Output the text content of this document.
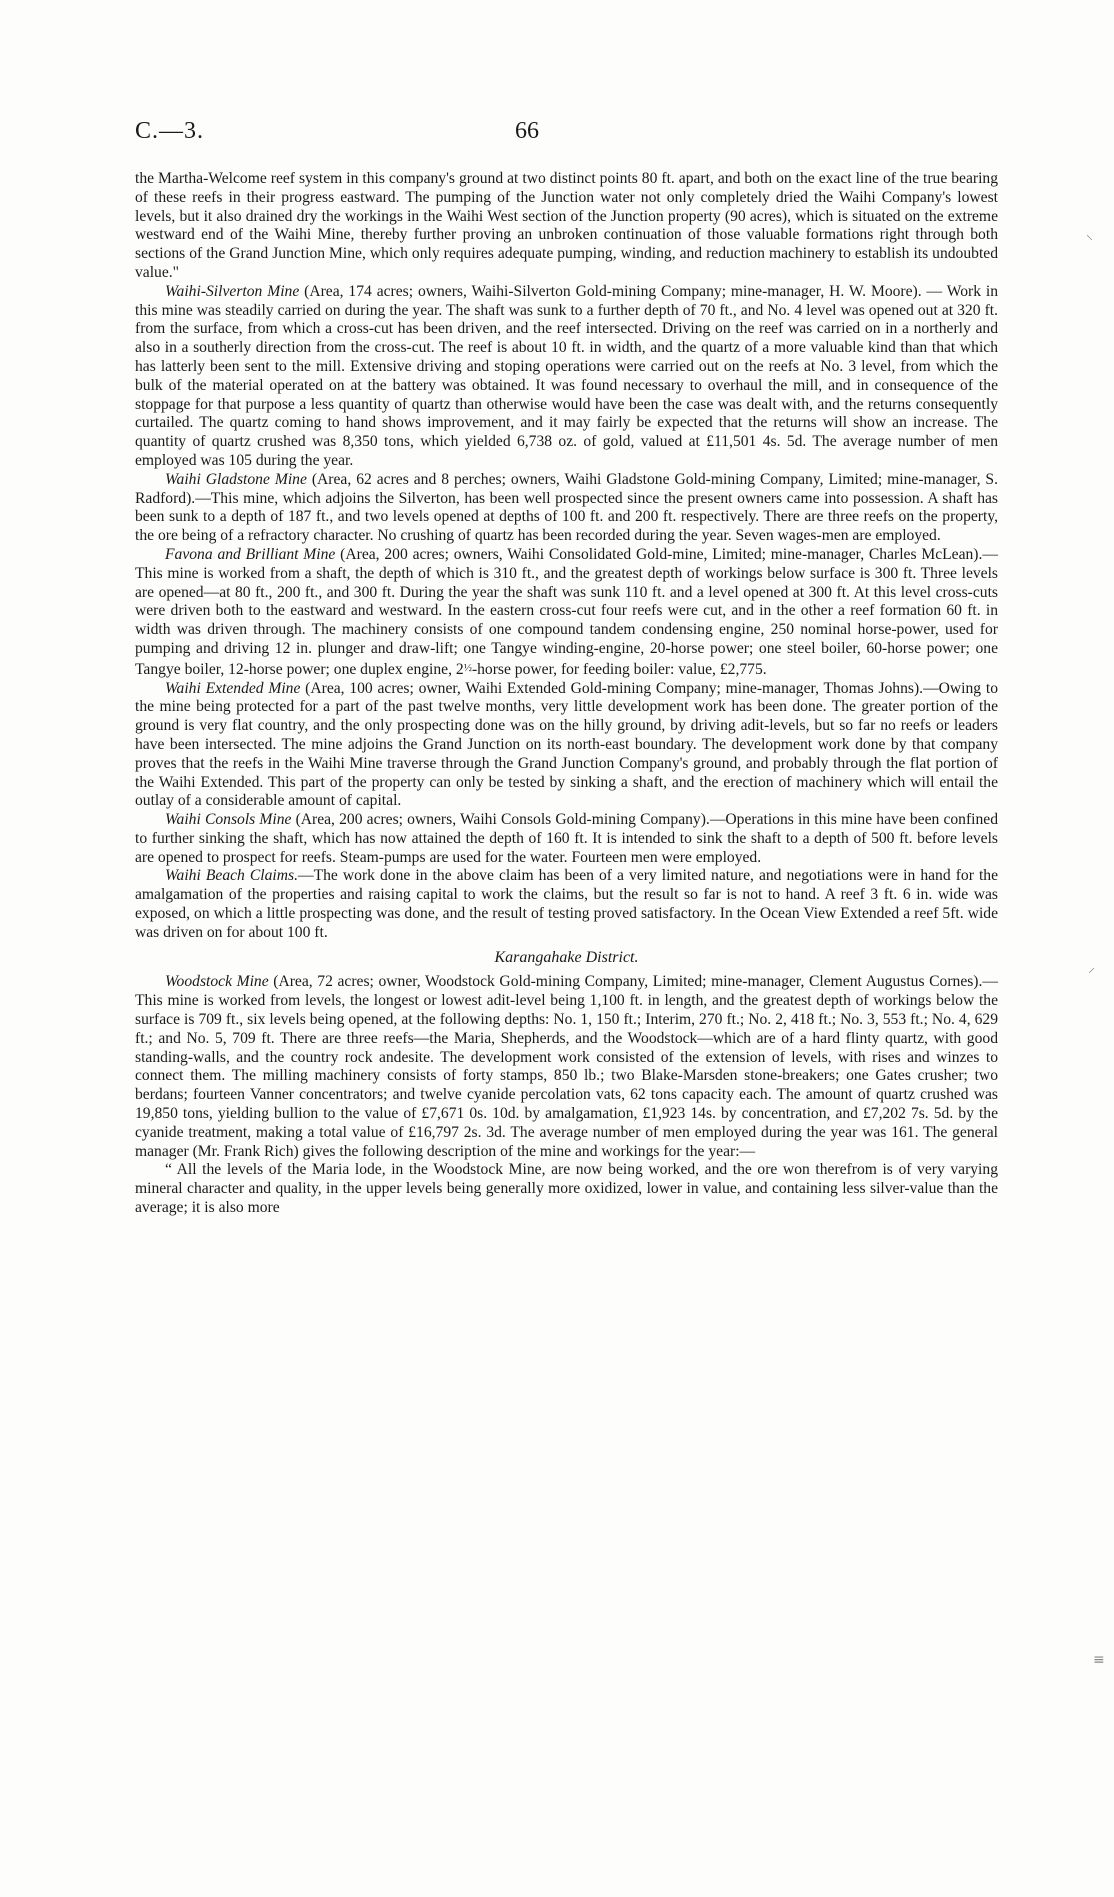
C.—3.	66

the Martha-Welcome reef system in this company's ground at two distinct points 80 ft. apart, and both on the exact line of the true bearing of these reefs in their progress eastward. The pumping of the Junction water not only completely dried the Waihi Company's lowest levels, but it also drained dry the workings in the Waihi West section of the Junction property (90 acres), which is situated on the extreme westward end of the Waihi Mine, thereby further proving an unbroken continuation of those valuable formations right through both sections of the Grand Junction Mine, which only requires adequate pumping, winding, and reduction machinery to establish its undoubted value."

Waihi-Silverton Mine (Area, 174 acres; owners, Waihi-Silverton Gold-mining Company; mine-manager, H. W. Moore). — Work in this mine was steadily carried on during the year. The shaft was sunk to a further depth of 70 ft., and No. 4 level was opened out at 320 ft. from the surface, from which a cross-cut has been driven, and the reef intersected. Driving on the reef was carried on in a northerly and also in a southerly direction from the cross-cut. The reef is about 10 ft. in width, and the quartz of a more valuable kind than that which has latterly been sent to the mill. Extensive driving and stoping operations were carried out on the reefs at No. 3 level, from which the bulk of the material operated on at the battery was obtained. It was found necessary to overhaul the mill, and in consequence of the stoppage for that purpose a less quantity of quartz than otherwise would have been the case was dealt with, and the returns consequently curtailed. The quartz coming to hand shows improvement, and it may fairly be expected that the returns will show an increase. The quantity of quartz crushed was 8,350 tons, which yielded 6,738 oz. of gold, valued at £11,501 4s. 5d. The average number of men employed was 105 during the year.

Waihi Gladstone Mine (Area, 62 acres and 8 perches; owners, Waihi Gladstone Gold-mining Company, Limited; mine-manager, S. Radford).—This mine, which adjoins the Silverton, has been well prospected since the present owners came into possession. A shaft has been sunk to a depth of 187 ft., and two levels opened at depths of 100 ft. and 200 ft. respectively. There are three reefs on the property, the ore being of a refractory character. No crushing of quartz has been recorded during the year. Seven wages-men are employed.

Favona and Brilliant Mine (Area, 200 acres; owners, Waihi Consolidated Gold-mine, Limited; mine-manager, Charles McLean).—This mine is worked from a shaft, the depth of which is 310 ft., and the greatest depth of workings below surface is 300 ft. Three levels are opened—at 80 ft., 200 ft., and 300 ft. During the year the shaft was sunk 110 ft. and a level opened at 300 ft. At this level cross-cuts were driven both to the eastward and westward. In the eastern cross-cut four reefs were cut, and in the other a reef formation 60 ft. in width was driven through. The machinery consists of one compound tandem condensing engine, 250 nominal horse-power, used for pumping and driving 12 in. plunger and draw-lift; one Tangye winding-engine, 20-horse power; one steel boiler, 60-horse power; one Tangye boiler, 12-horse power; one duplex engine, 2½-horse power, for feeding boiler: value, £2,775.

Waihi Extended Mine (Area, 100 acres; owner, Waihi Extended Gold-mining Company; mine-manager, Thomas Johns).—Owing to the mine being protected for a part of the past twelve months, very little development work has been done. The greater portion of the ground is very flat country, and the only prospecting done was on the hilly ground, by driving adit-levels, but so far no reefs or leaders have been intersected. The mine adjoins the Grand Junction on its north-east boundary. The development work done by that company proves that the reefs in the Waihi Mine traverse through the Grand Junction Company's ground, and probably through the flat portion of the Waihi Extended. This part of the property can only be tested by sinking a shaft, and the erection of machinery which will entail the outlay of a considerable amount of capital.

Waihi Consols Mine (Area, 200 acres; owners, Waihi Consols Gold-mining Company).—Operations in this mine have been confined to further sinking the shaft, which has now attained the depth of 160 ft. It is intended to sink the shaft to a depth of 500 ft. before levels are opened to prospect for reefs. Steam-pumps are used for the water. Fourteen men were employed.

Waihi Beach Claims.—The work done in the above claim has been of a very limited nature, and negotiations were in hand for the amalgamation of the properties and raising capital to work the claims, but the result so far is not to hand. A reef 3 ft. 6 in. wide was exposed, on which a little prospecting was done, and the result of testing proved satisfactory. In the Ocean View Extended a reef 5ft. wide was driven on for about 100 ft.

Karangahake District.

Woodstock Mine (Area, 72 acres; owner, Woodstock Gold-mining Company, Limited; mine-manager, Clement Augustus Cornes).—This mine is worked from levels, the longest or lowest adit-level being 1,100 ft. in length, and the greatest depth of workings below the surface is 709 ft., six levels being opened, at the following depths: No. 1, 150 ft.; Interim, 270 ft.; No. 2, 418 ft.; No. 3, 553 ft.; No. 4, 629 ft.; and No. 5, 709 ft. There are three reefs—the Maria, Shepherds, and the Woodstock—which are of a hard flinty quartz, with good standing-walls, and the country rock andesite. The development work consisted of the extension of levels, with rises and winzes to connect them. The milling machinery consists of forty stamps, 850 lb.; two Blake-Marsden stone-breakers; one Gates crusher; two berdans; fourteen Vanner concentrators; and twelve cyanide percolation vats, 62 tons capacity each. The amount of quartz crushed was 19,850 tons, yielding bullion to the value of £7,671 0s. 10d. by amalgamation, £1,923 14s. by concentration, and £7,202 7s. 5d. by the cyanide treatment, making a total value of £16,797 2s. 3d. The average number of men employed during the year was 161. The general manager (Mr. Frank Rich) gives the following description of the mine and workings for the year:—

“ All the levels of the Maria lode, in the Woodstock Mine, are now being worked, and the ore won therefrom is of very varying mineral character and quality, in the upper levels being generally more oxidized, lower in value, and containing less silver-value than the average; it is also more

⸜
⸝
≡
